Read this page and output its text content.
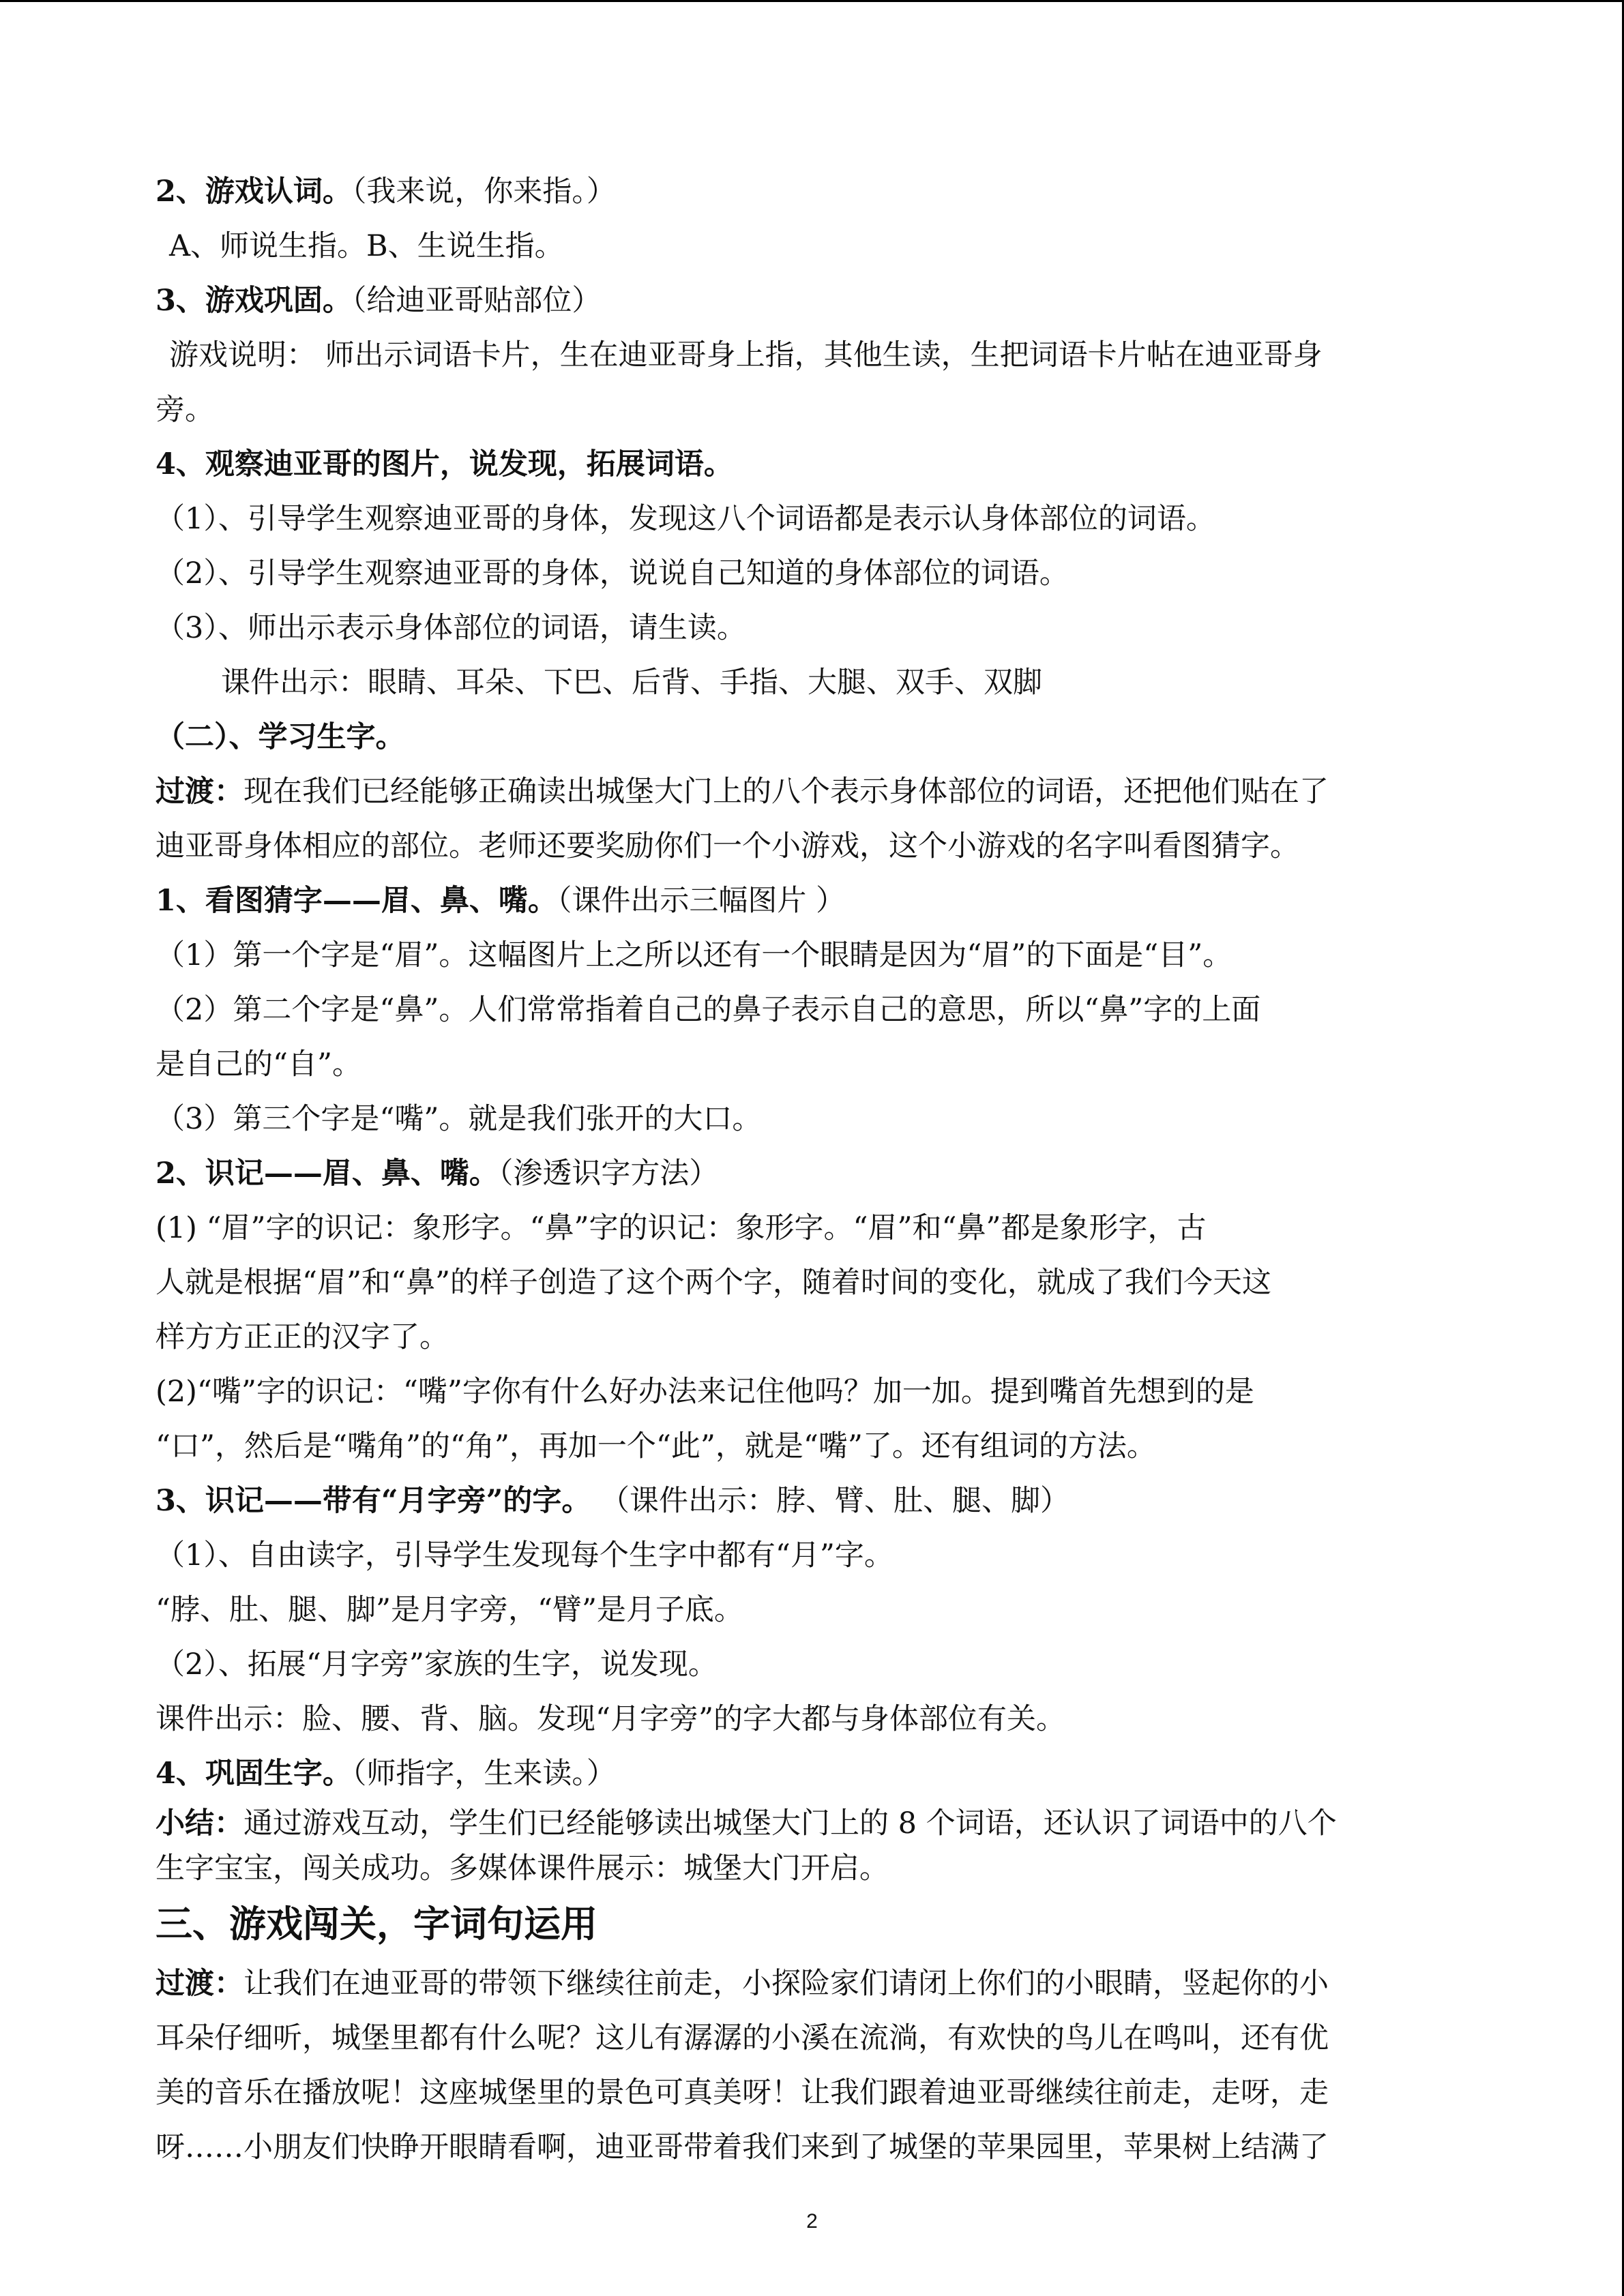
2、游戏认词。（我来说，你来指。）

A、师说生指。B、生说生指。

3、游戏巩固。（给迪亚哥贴部位）

游戏说明： 师出示词语卡片，生在迪亚哥身上指，其他生读，生把词语卡片帖在迪亚哥身

旁。

4、观察迪亚哥的图片，说发现，拓展词语。

（1）、引导学生观察迪亚哥的身体，发现这八个词语都是表示认身体部位的词语。

（2）、引导学生观察迪亚哥的身体，说说自己知道的身体部位的词语。

（3）、师出示表示身体部位的词语，请生读。

课件出示：眼睛、耳朵、下巴、后背、手指、大腿、双手、双脚

（二）、学习生字。

过渡：现在我们已经能够正确读出城堡大门上的八个表示身体部位的词语，还把他们贴在了

迪亚哥身体相应的部位。老师还要奖励你们一个小游戏，这个小游戏的名字叫看图猜字。

1、看图猜字——眉、鼻、嘴。（课件出示三幅图片 ）

（1）第一个字是“眉”。这幅图片上之所以还有一个眼睛是因为“眉”的下面是“目”。

（2）第二个字是“鼻”。人们常常指着自己的鼻子表示自己的意思，所以“鼻”字的上面

是自己的“自”。

（3）第三个字是“嘴”。就是我们张开的大口。

2、识记——眉、鼻、嘴。（渗透识字方法）

(1) “眉”字的识记：象形字。“鼻”字的识记：象形字。“眉”和“鼻”都是象形字，古

人就是根据“眉”和“鼻”的样子创造了这个两个字，随着时间的变化，就成了我们今天这

样方方正正的汉字了。

(2)“嘴”字的识记：“嘴”字你有什么好办法来记住他吗？加一加。提到嘴首先想到的是

“口”，然后是“嘴角”的“角”，再加一个“此”，就是“嘴”了。还有组词的方法。

3、识记——带有“月字旁”的字。 （课件出示：脖、臂、肚、腿、脚）

（1）、自由读字，引导学生发现每个生字中都有“月”字。

“脖、肚、腿、脚”是月字旁，“臂”是月子底。

（2）、拓展“月字旁”家族的生字，说发现。

课件出示：脸、腰、背、脑。发现“月字旁”的字大都与身体部位有关。

4、巩固生字。（师指字，生来读。）

小结：通过游戏互动，学生们已经能够读出城堡大门上的 8 个词语，还认识了词语中的八个

生字宝宝，闯关成功。多媒体课件展示：城堡大门开启。

三、游戏闯关，字词句运用

过渡：让我们在迪亚哥的带领下继续往前走，小探险家们请闭上你们的小眼睛，竖起你的小

耳朵仔细听，城堡里都有什么呢？这儿有潺潺的小溪在流淌，有欢快的鸟儿在鸣叫，还有优

美的音乐在播放呢！这座城堡里的景色可真美呀！让我们跟着迪亚哥继续往前走，走呀，走

呀……小朋友们快睁开眼睛看啊，迪亚哥带着我们来到了城堡的苹果园里，苹果树上结满了

2
